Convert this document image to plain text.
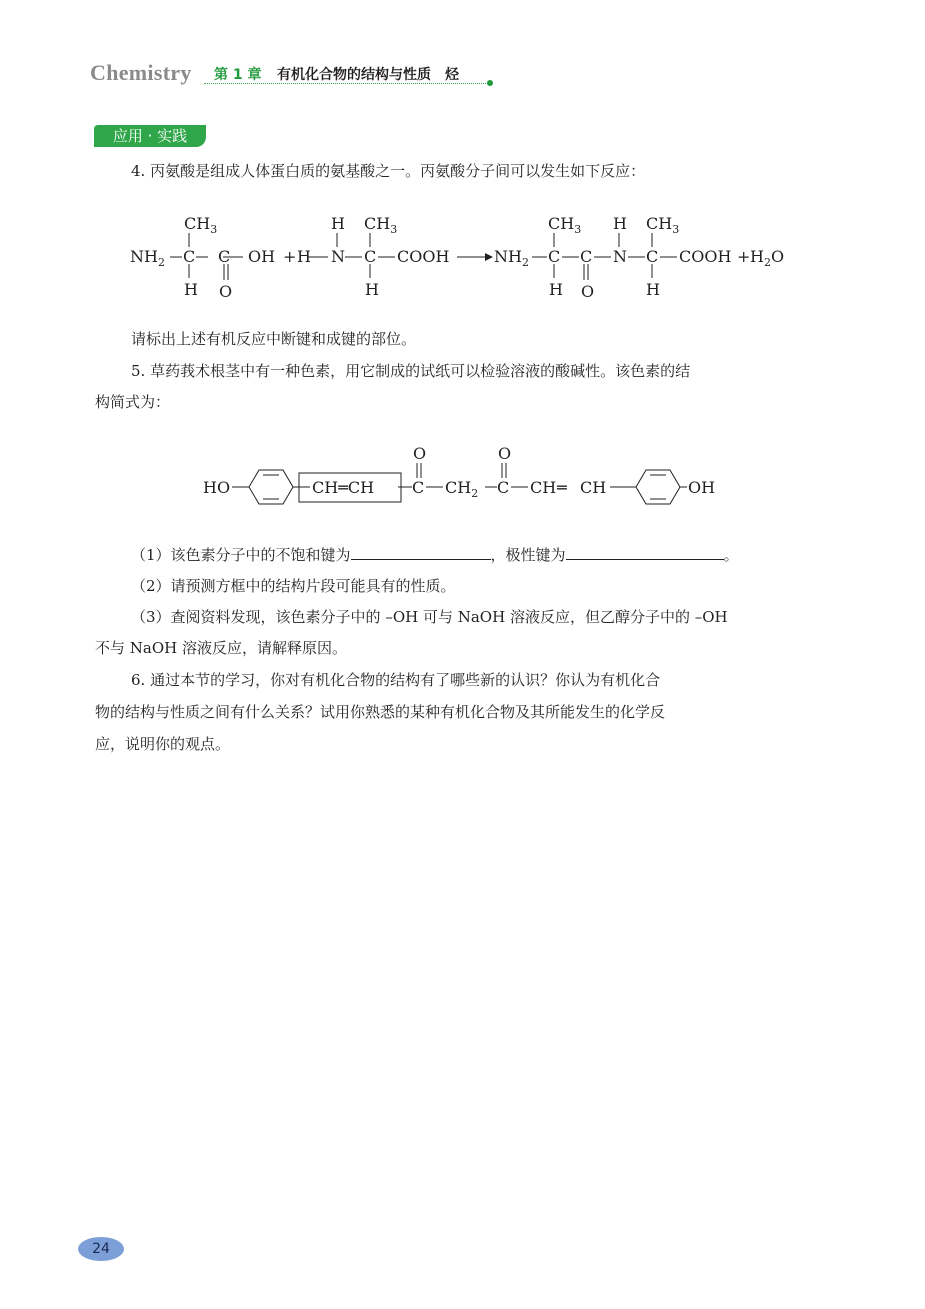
Chemistry 第 1 章 有机化合物的结构与性质　烃
应用 · 实践
4. 丙氨酸是组成人体蛋白质的氨基酸之一。丙氨酸分子间可以发生如下反应：
$CH_3$
$NH_2$ C C OH +
H O
H
H $CH_3$
N C COOH
H
$NH_2$
$CH_3$
C C N
H $CH_3$
C COOH + $H_2O$
H O	H
请标出上述有机反应中断键和成键的部位。
5. 草药莪术根茎中有一种色素，用它制成的试纸可以检验溶液的酸碱性。该色素的结
构简式为：
HO	CH═CH
O
C $CH_2$
O
C CH ═ CH	OH
（1）该色素分子中的不饱和键为	，极性键为	。
（2）请预测方框中的结构片段可能具有的性质。
（3）查阅资料发现，该色素分子中的 –OH 可与 NaOH 溶液反应，但乙醇分子中的 –OH
不与 NaOH 溶液反应，请解释原因。
6. 通过本节的学习，你对有机化合物的结构有了哪些新的认识？你认为有机化合
物的结构与性质之间有什么关系？试用你熟悉的某种有机化合物及其所能发生的化学反
应，说明你的观点。
24
